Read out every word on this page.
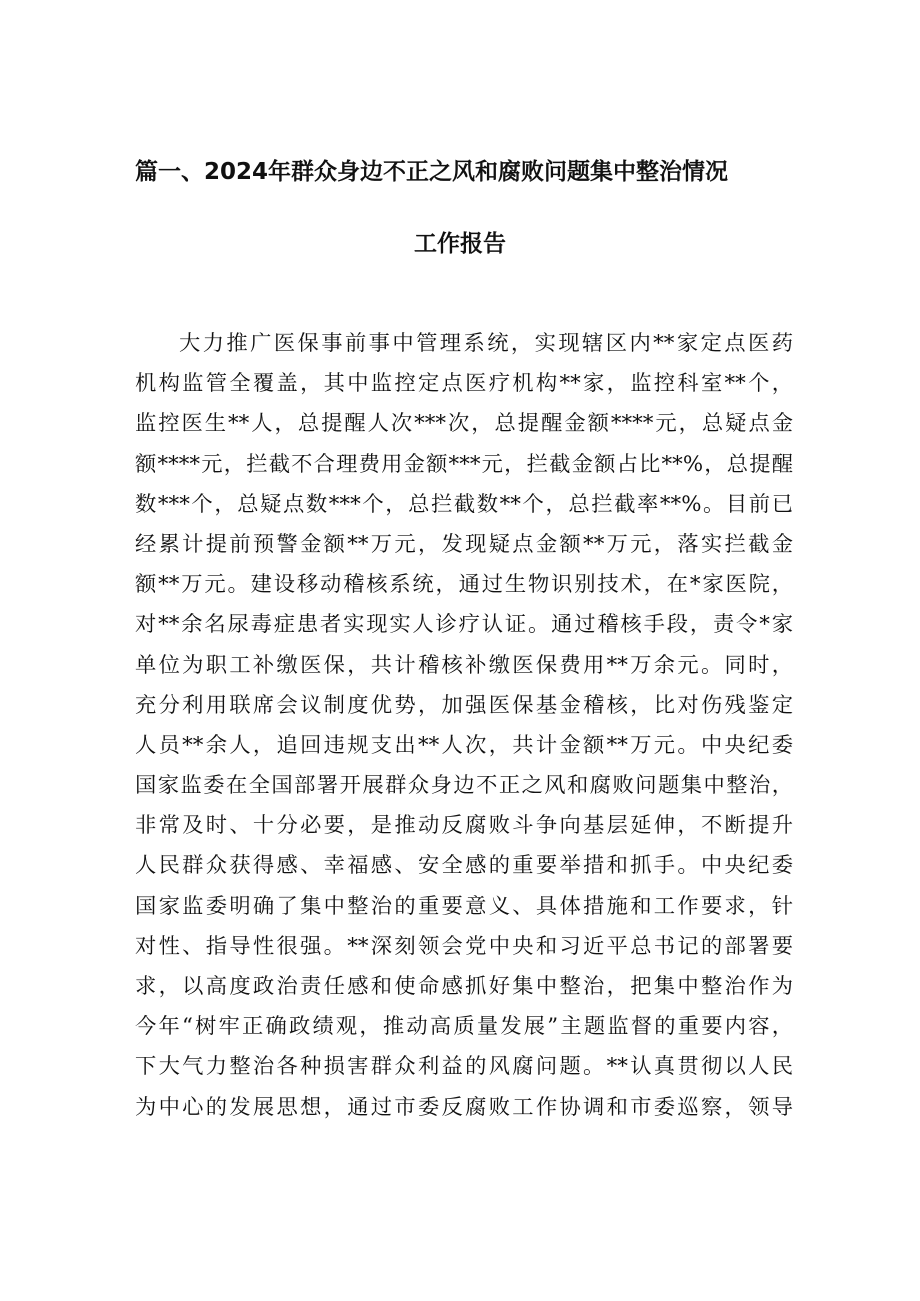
篇一、2024年群众身边不正之风和腐败问题集中整治情况
工作报告
大力推广医保事前事中管理系统，实现辖区内**家定点医药
机构监管全覆盖，其中监控定点医疗机构**家，监控科室**个，
监控医生**人，总提醒人次***次，总提醒金额****元，总疑点金
额****元，拦截不合理费用金额***元，拦截金额占比**%，总提醒
数***个，总疑点数***个，总拦截数**个，总拦截率**%。目前已
经累计提前预警金额**万元，发现疑点金额**万元，落实拦截金
额**万元。建设移动稽核系统，通过生物识别技术，在*家医院，
对**余名尿毒症患者实现实人诊疗认证。通过稽核手段，责令*家
单位为职工补缴医保，共计稽核补缴医保费用**万余元。同时，
充分利用联席会议制度优势，加强医保基金稽核，比对伤残鉴定
人员**余人，追回违规支出**人次，共计金额**万元。中央纪委
国家监委在全国部署开展群众身边不正之风和腐败问题集中整治，
非常及时、十分必要，是推动反腐败斗争向基层延伸，不断提升
人民群众获得感、幸福感、安全感的重要举措和抓手。中央纪委
国家监委明确了集中整治的重要意义、具体措施和工作要求，针
对性、指导性很强。**深刻领会党中央和习近平总书记的部署要
求，以高度政治责任感和使命感抓好集中整治，把集中整治作为
今年“树牢正确政绩观，推动高质量发展”主题监督的重要内容，
下大气力整治各种损害群众利益的风腐问题。**认真贯彻以人民
为中心的发展思想，通过市委反腐败工作协调和市委巡察，领导
